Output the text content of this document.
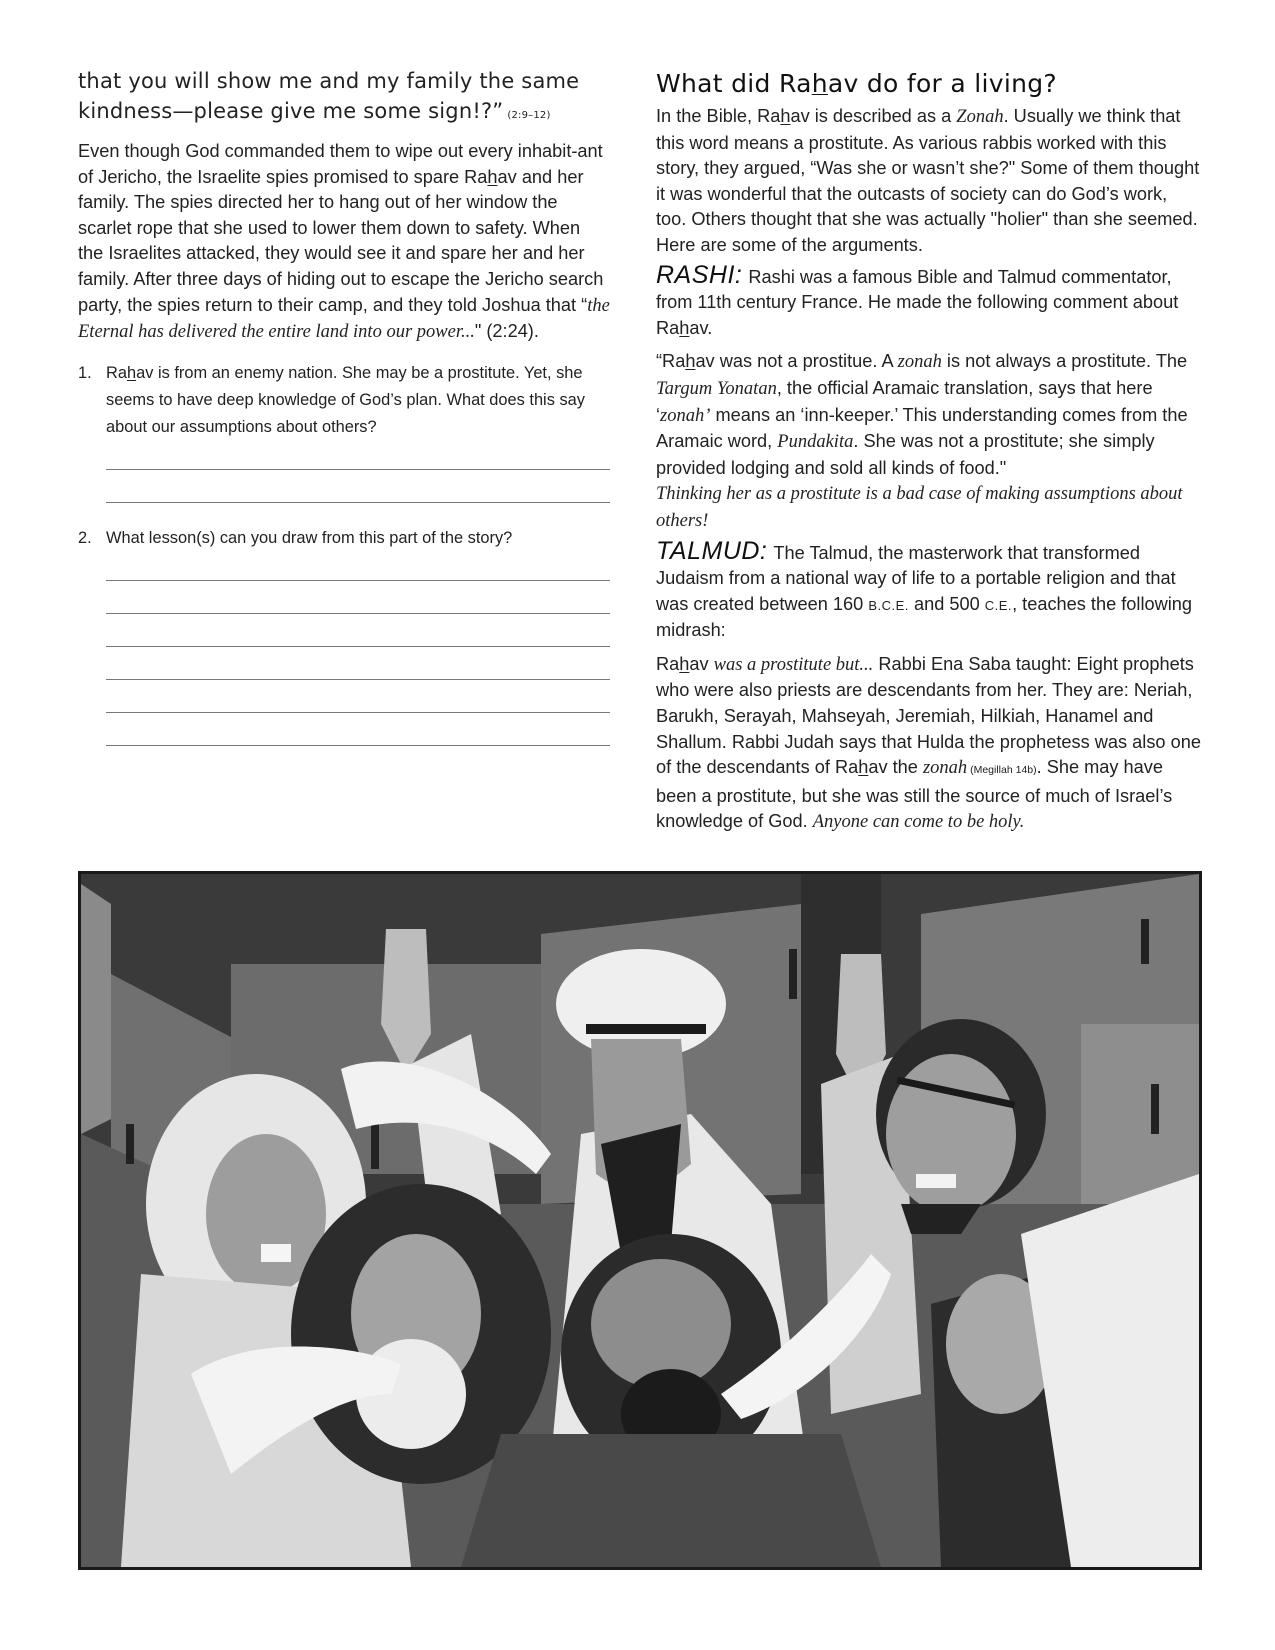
that you will show me and my family the same
kindness—please give me some sign!?” (2:9–12)

Even though God commanded them to wipe out every inhabit-ant of Jericho, the Israelite spies promised to spare Rahav and her family. The spies directed her to hang out of her window the scarlet rope that she used to lower them down to safety. When the Israelites attacked, they would see it and spare her and her family. After three days of hiding out to escape the Jericho search party, the spies return to their camp, and they told Joshua that “the Eternal has delivered the entire land into our power..." (2:24).

1. Rahav is from an enemy nation. She may be a prostitute. Yet, she seems to have deep knowledge of God’s plan. What does this say about our assumptions about others?
2. What lesson(s) can you draw from this part of the story?
What did Rahav do for a living?

In the Bible, Rahav is described as a Zonah. Usually we think that this word means a prostitute. As various rabbis worked with this story, they argued, “Was she or wasn’t she?" Some of them thought it was wonderful that the outcasts of society can do God’s work, too. Others thought that she was actually "holier" than she seemed. Here are some of the arguments.

RASHI: Rashi was a famous Bible and Talmud commentator, from 11th century France. He made the following comment about Rahav.

“Rahav was not a prostitue. A zonah is not always a prostitute. The Targum Yonatan, the official Aramaic translation, says that here ‘zonah’ means an ‘inn-keeper.’ This understanding comes from the Aramaic word, Pundakita. She was not a prostitute; she simply provided lodging and sold all kinds of food."
Thinking her as a prostitute is a bad case of making assumptions about others!

TALMUD: The Talmud, the masterwork that transformed Judaism from a national way of life to a portable religion and that was created between 160 B.C.E. and 500 C.E., teaches the following midrash:

Rahav was a prostitute but... Rabbi Ena Saba taught: Eight prophets who were also priests are descendants from her. They are: Neriah, Barukh, Serayah, Mahseyah, Jeremiah, Hilkiah, Hanamel and Shallum. Rabbi Judah says that Hulda the prophetess was also one of the descendants of Rahav the zonah (Megillah 14b). She may have been a prostitute, but she was still the source of much of Israel’s knowledge of God. Anyone can come to be holy.
